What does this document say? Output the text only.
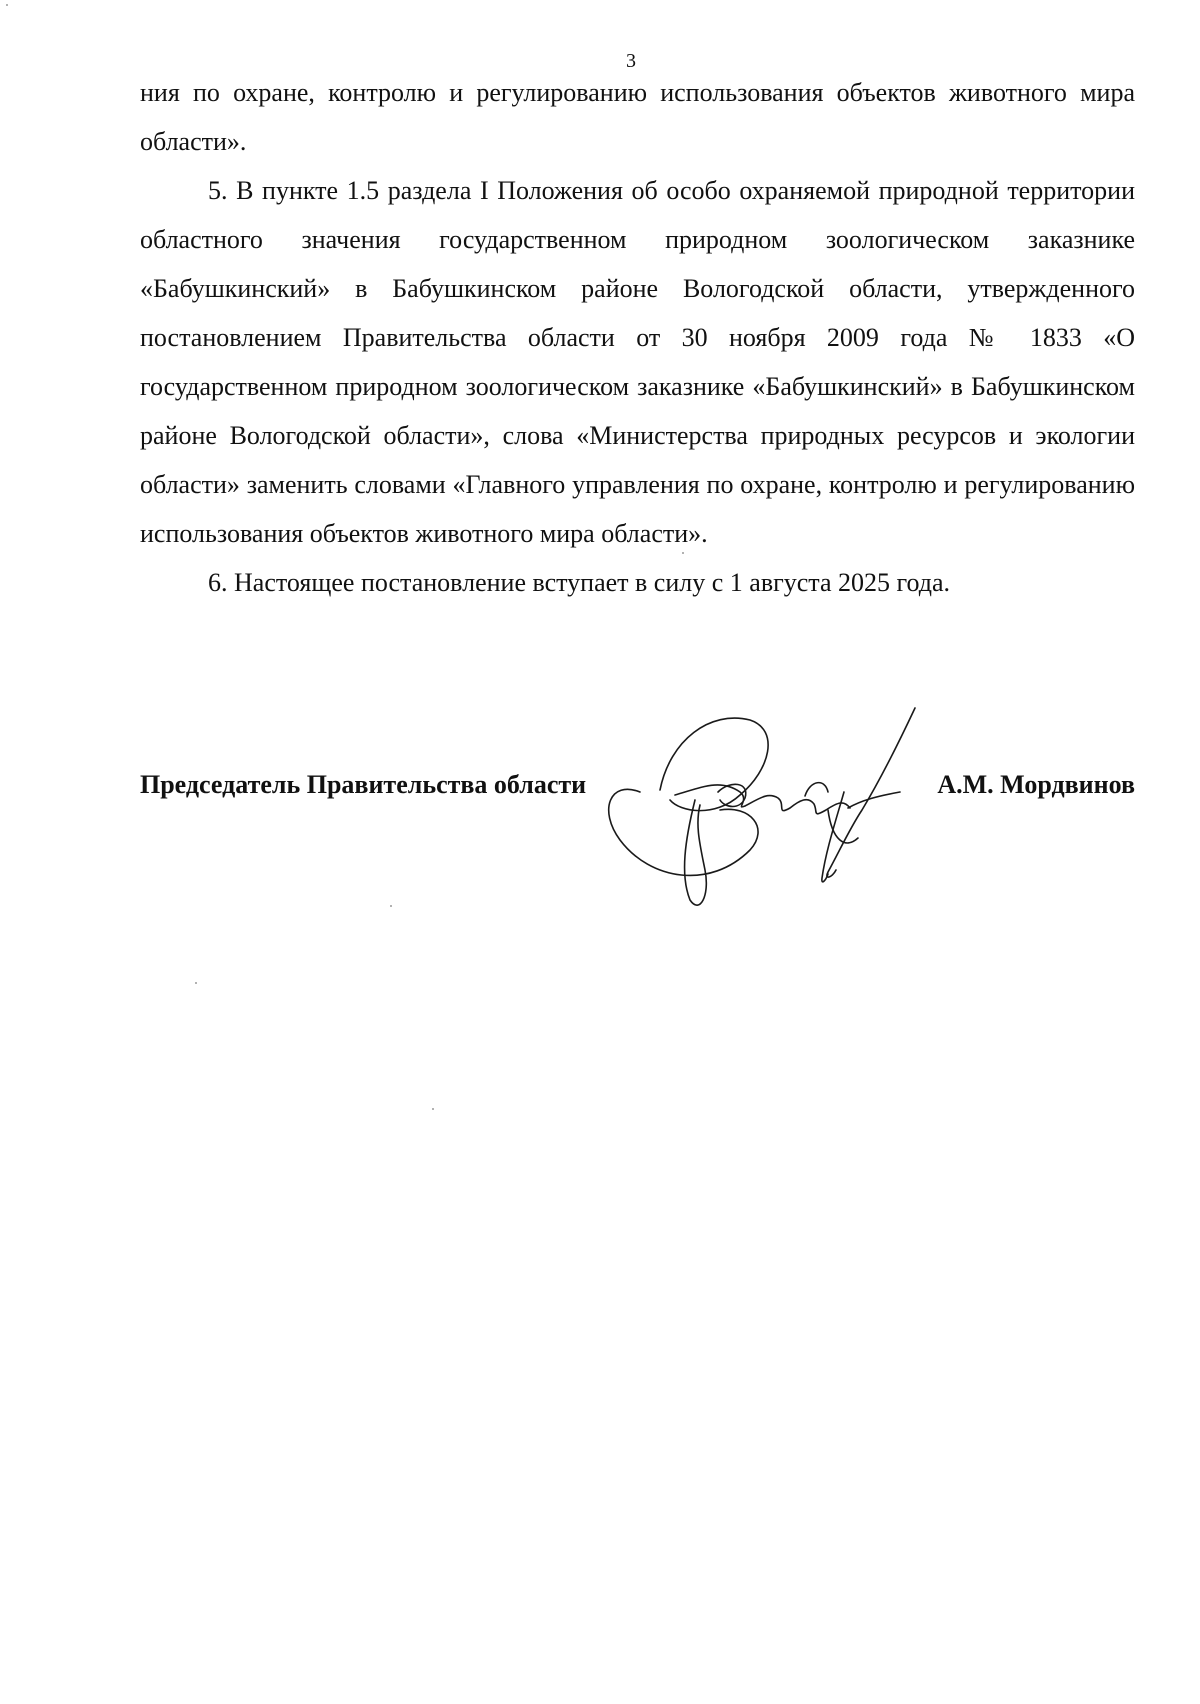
3

ния по охране, контролю и регулированию использования объектов животного мира области».

5. В пункте 1.5 раздела I Положения об особо охраняемой природной территории областного значения государственном природном зоологическом заказнике «Бабушкинский» в Бабушкинском районе Вологодской области, утвержденного постановлением Правительства области от 30 ноября 2009 года № 1833 «О государственном природном зоологическом заказнике «Бабушкинский» в Бабушкинском районе Вологодской области», слова «Министерства природных ресурсов и экологии области» заменить словами «Главного управления по охране, контролю и регулированию использования объектов животного мира области».

6. Настоящее постановление вступает в силу с 1 августа 2025 года.

Председатель Правительства области	А.М. Мордвинов
